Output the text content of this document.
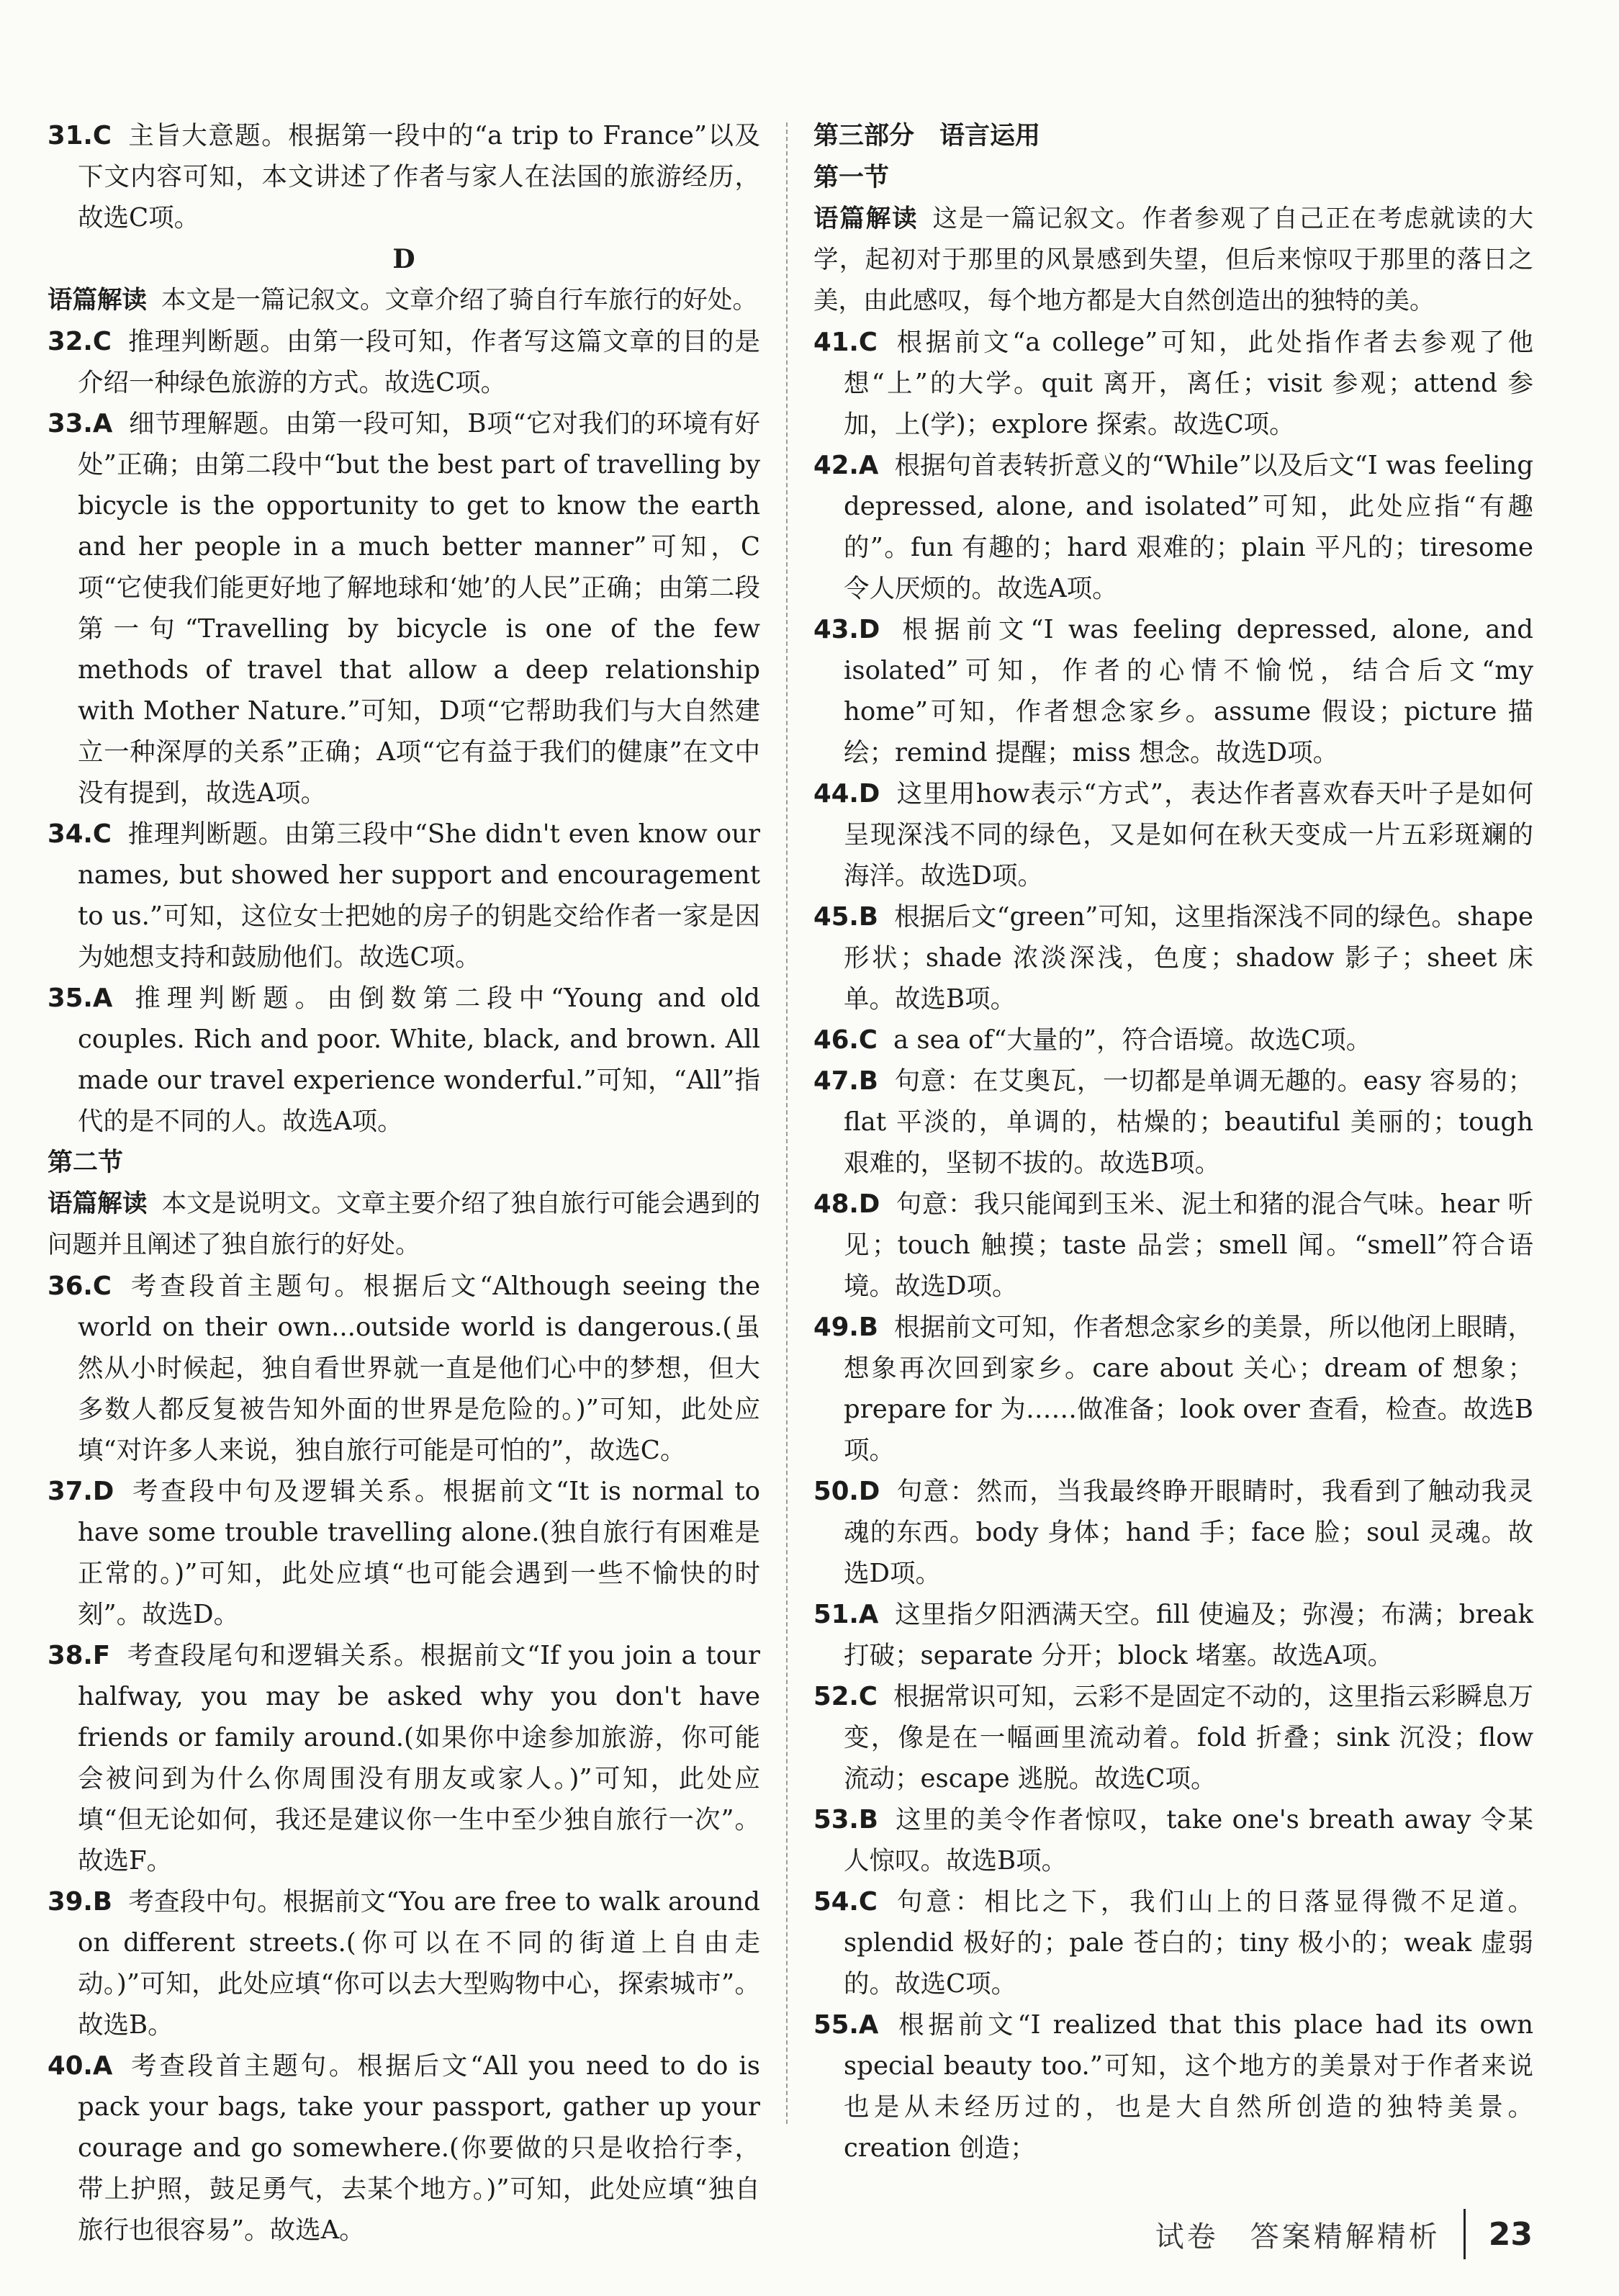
31.C 主旨大意题。根据第一段中的“a trip to France”以及下文内容可知，本文讲述了作者与家人在法国的旅游经历，故选C项。

D

语篇解读 本文是一篇记叙文。文章介绍了骑自行车旅行的好处。

32.C 推理判断题。由第一段可知，作者写这篇文章的目的是介绍一种绿色旅游的方式。故选C项。

33.A 细节理解题。由第一段可知，B项“它对我们的环境有好处”正确；由第二段中“but the best part of travelling by bicycle is the opportunity to get to know the earth and her people in a much better manner”可知，C项“它使我们能更好地了解地球和‘她’的人民”正确；由第二段第一句“Travelling by bicycle is one of the few methods of travel that allow a deep relationship with Mother Nature.”可知，D项“它帮助我们与大自然建立一种深厚的关系”正确；A项“它有益于我们的健康”在文中没有提到，故选A项。

34.C 推理判断题。由第三段中“She didn't even know our names, but showed her support and encouragement to us.”可知，这位女士把她的房子的钥匙交给作者一家是因为她想支持和鼓励他们。故选C项。

35.A 推理判断题。由倒数第二段中“Young and old couples. Rich and poor. White, black, and brown. All made our travel experience wonderful.”可知，“All”指代的是不同的人。故选A项。

第二节

语篇解读 本文是说明文。文章主要介绍了独自旅行可能会遇到的问题并且阐述了独自旅行的好处。

36.C 考查段首主题句。根据后文“Although seeing the world on their own...outside world is dangerous.(虽然从小时候起，独自看世界就一直是他们心中的梦想，但大多数人都反复被告知外面的世界是危险的。)”可知，此处应填“对许多人来说，独自旅行可能是可怕的”，故选C。

37.D 考查段中句及逻辑关系。根据前文“It is normal to have some trouble travelling alone.(独自旅行有困难是正常的。)”可知，此处应填“也可能会遇到一些不愉快的时刻”。故选D。

38.F 考查段尾句和逻辑关系。根据前文“If you join a tour halfway, you may be asked why you don't have friends or family around.(如果你中途参加旅游，你可能会被问到为什么你周围没有朋友或家人。)”可知，此处应填“但无论如何，我还是建议你一生中至少独自旅行一次”。故选F。

39.B 考查段中句。根据前文“You are free to walk around on different streets.(你可以在不同的街道上自由走动。)”可知，此处应填“你可以去大型购物中心，探索城市”。故选B。

40.A 考查段首主题句。根据后文“All you need to do is pack your bags, take your passport, gather up your courage and go somewhere.(你要做的只是收拾行李，带上护照，鼓足勇气，去某个地方。)”可知，此处应填“独自旅行也很容易”。故选A。

第三部分　语言运用

第一节

语篇解读 这是一篇记叙文。作者参观了自己正在考虑就读的大学，起初对于那里的风景感到失望，但后来惊叹于那里的落日之美，由此感叹，每个地方都是大自然创造出的独特的美。

41.C 根据前文“a college”可知，此处指作者去参观了他想“上”的大学。quit 离开，离任；visit 参观；attend 参加，上(学)；explore 探索。故选C项。

42.A 根据句首表转折意义的“While”以及后文“I was feeling depressed, alone, and isolated”可知，此处应指“有趣的”。fun 有趣的；hard 艰难的；plain 平凡的；tiresome 令人厌烦的。故选A项。

43.D 根据前文“I was feeling depressed, alone, and isolated”可知，作者的心情不愉悦，结合后文“my home”可知，作者想念家乡。assume 假设；picture 描绘；remind 提醒；miss 想念。故选D项。

44.D 这里用how表示“方式”，表达作者喜欢春天叶子是如何呈现深浅不同的绿色，又是如何在秋天变成一片五彩斑斓的海洋。故选D项。

45.B 根据后文“green”可知，这里指深浅不同的绿色。shape 形状；shade 浓淡深浅，色度；shadow 影子；sheet 床单。故选B项。

46.C a sea of“大量的”，符合语境。故选C项。

47.B 句意：在艾奥瓦，一切都是单调无趣的。easy 容易的；flat 平淡的，单调的，枯燥的；beautiful 美丽的；tough 艰难的，坚韧不拔的。故选B项。

48.D 句意：我只能闻到玉米、泥土和猪的混合气味。hear 听见；touch 触摸；taste 品尝；smell 闻。“smell”符合语境。故选D项。

49.B 根据前文可知，作者想念家乡的美景，所以他闭上眼睛，想象再次回到家乡。care about 关心；dream of 想象；prepare for 为……做准备；look over 查看，检查。故选B项。

50.D 句意：然而，当我最终睁开眼睛时，我看到了触动我灵魂的东西。body 身体；hand 手；face 脸；soul 灵魂。故选D项。

51.A 这里指夕阳洒满天空。fill 使遍及；弥漫；布满；break 打破；separate 分开；block 堵塞。故选A项。

52.C 根据常识可知，云彩不是固定不动的，这里指云彩瞬息万变，像是在一幅画里流动着。fold 折叠；sink 沉没；flow 流动；escape 逃脱。故选C项。

53.B 这里的美令作者惊叹，take one's breath away 令某人惊叹。故选B项。

54.C 句意：相比之下，我们山上的日落显得微不足道。splendid 极好的；pale 苍白的；tiny 极小的；weak 虚弱的。故选C项。

55.A 根据前文“I realized that this place had its own special beauty too.”可知，这个地方的美景对于作者来说也是从未经历过的，也是大自然所创造的独特美景。creation 创造；

试卷　答案精解精析 23
